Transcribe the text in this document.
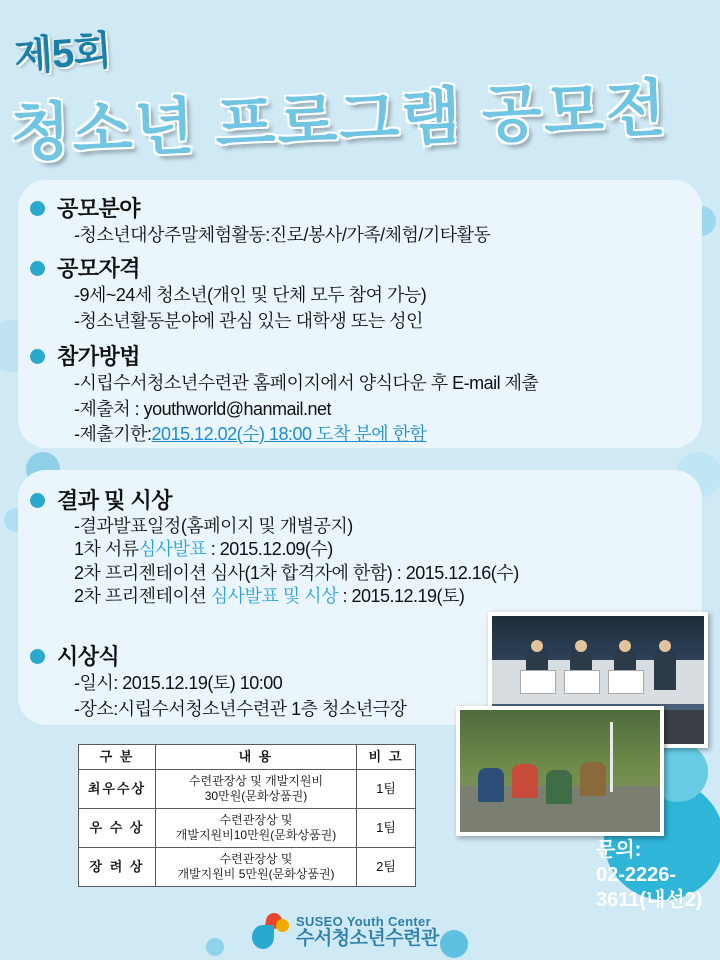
제5회
청소년 프로그램 공모전
공모분야
-청소년대상주말체험활동:진로/봉사/가족/체험/기타활동
공모자격
-9세~24세 청소년(개인 및 단체 모두 참여 가능)
-청소년활동분야에 관심 있는 대학생 또는 성인
참가방법
-시립수서청소년수련관 홈페이지에서 양식다운 후 E-mail 제출
-제출처 : youthworld@hanmail.net
-제출기한:2015.12.02(수) 18:00 도착 분에 한함
결과 및 시상
-결과발표일정(홈페이지 및 개별공지)
1차 서류심사발표 : 2015.12.09(수)
2차 프리젠테이션 심사(1차 합격자에 한함) : 2015.12.16(수)
2차 프리젠테이션 심사발표 및 시상 : 2015.12.19(토)
시상식
-일시: 2015.12.19(토) 10:00
-장소:시립수서청소년수련관 1층 청소년극장
구 분	내 용	비 고
최우수상	수련관장상 및 개발지원비
30만원(문화상품권)	1팀
우 수 상	수련관장상 및
개발지원비10만원(문화상품권)	1팀
장 려 상	수련관장상 및
개발지원비 5만원(문화상품권)	2팀
SUSEO Youth Center
수서청소년수련관
문의:
02-2226-
3611(내선2)
